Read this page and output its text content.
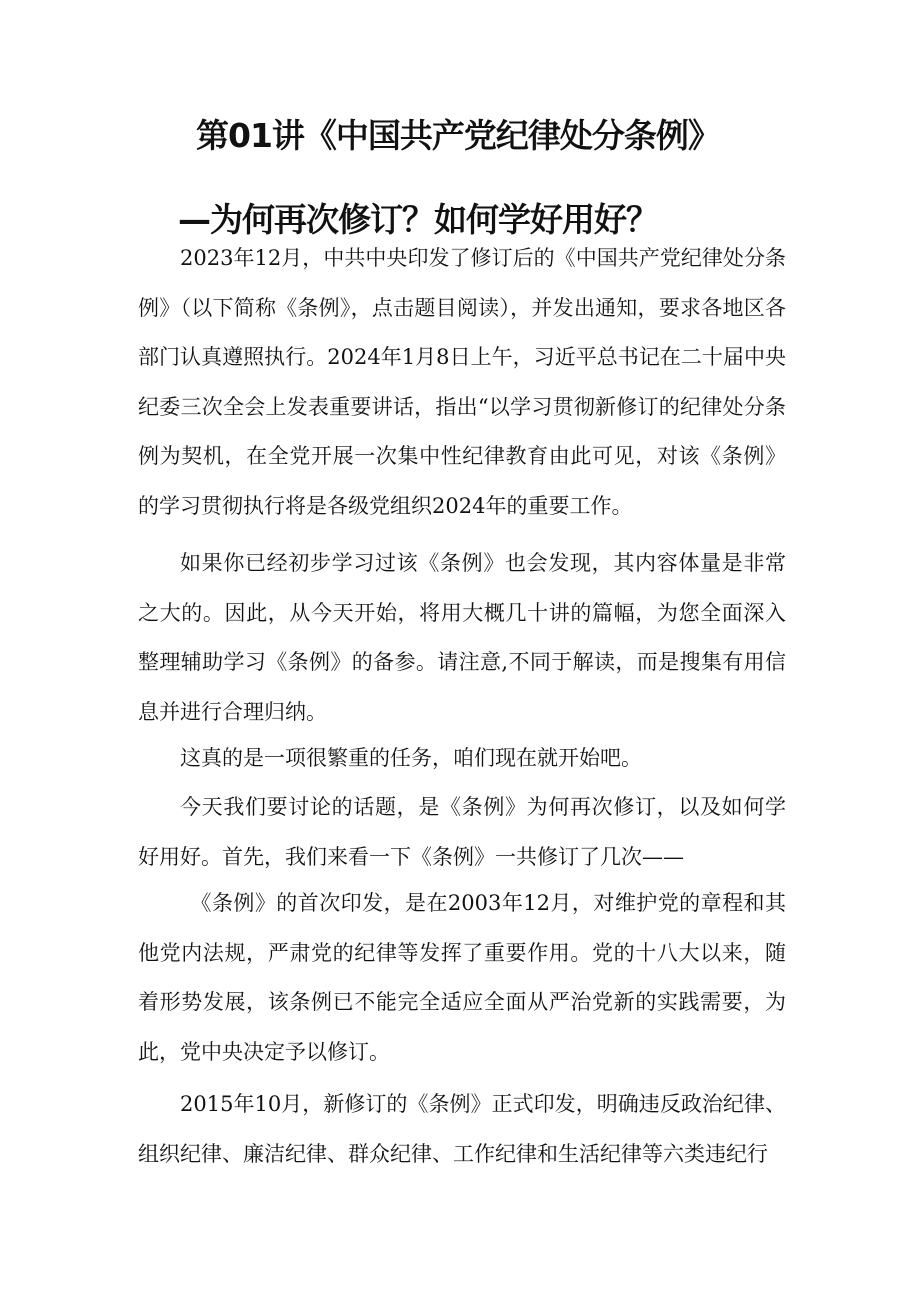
第01讲《中国共产党纪律处分条例》
—为何再次修订？如何学好用好？

2023年12月，中共中央印发了修订后的《中国共产党纪律处分条例》（以下简称《条例》，点击题目阅读），并发出通知，要求各地区各部门认真遵照执行。2024年1月8日上午，习近平总书记在二十届中央纪委三次全会上发表重要讲话，指出“以学习贯彻新修订的纪律处分条例为契机，在全党开展一次集中性纪律教育由此可见，对该《条例》的学习贯彻执行将是各级党组织2024年的重要工作。

如果你已经初步学习过该《条例》也会发现，其内容体量是非常之大的。因此，从今天开始，将用大概几十讲的篇幅，为您全面深入整理辅助学习《条例》的备参。请注意,不同于解读，而是搜集有用信息并进行合理归纳。

这真的是一项很繁重的任务，咱们现在就开始吧。

今天我们要讨论的话题，是《条例》为何再次修订，以及如何学好用好。首先，我们来看一下《条例》一共修订了几次——

《条例》的首次印发，是在2003年12月，对维护党的章程和其他党内法规，严肃党的纪律等发挥了重要作用。党的十八大以来，随着形势发展，该条例已不能完全适应全面从严治党新的实践需要，为此，党中央决定予以修订。

2015年10月，新修订的《条例》正式印发，明确违反政治纪律、组织纪律、廉洁纪律、群众纪律、工作纪律和生活纪律等六类违纪行
